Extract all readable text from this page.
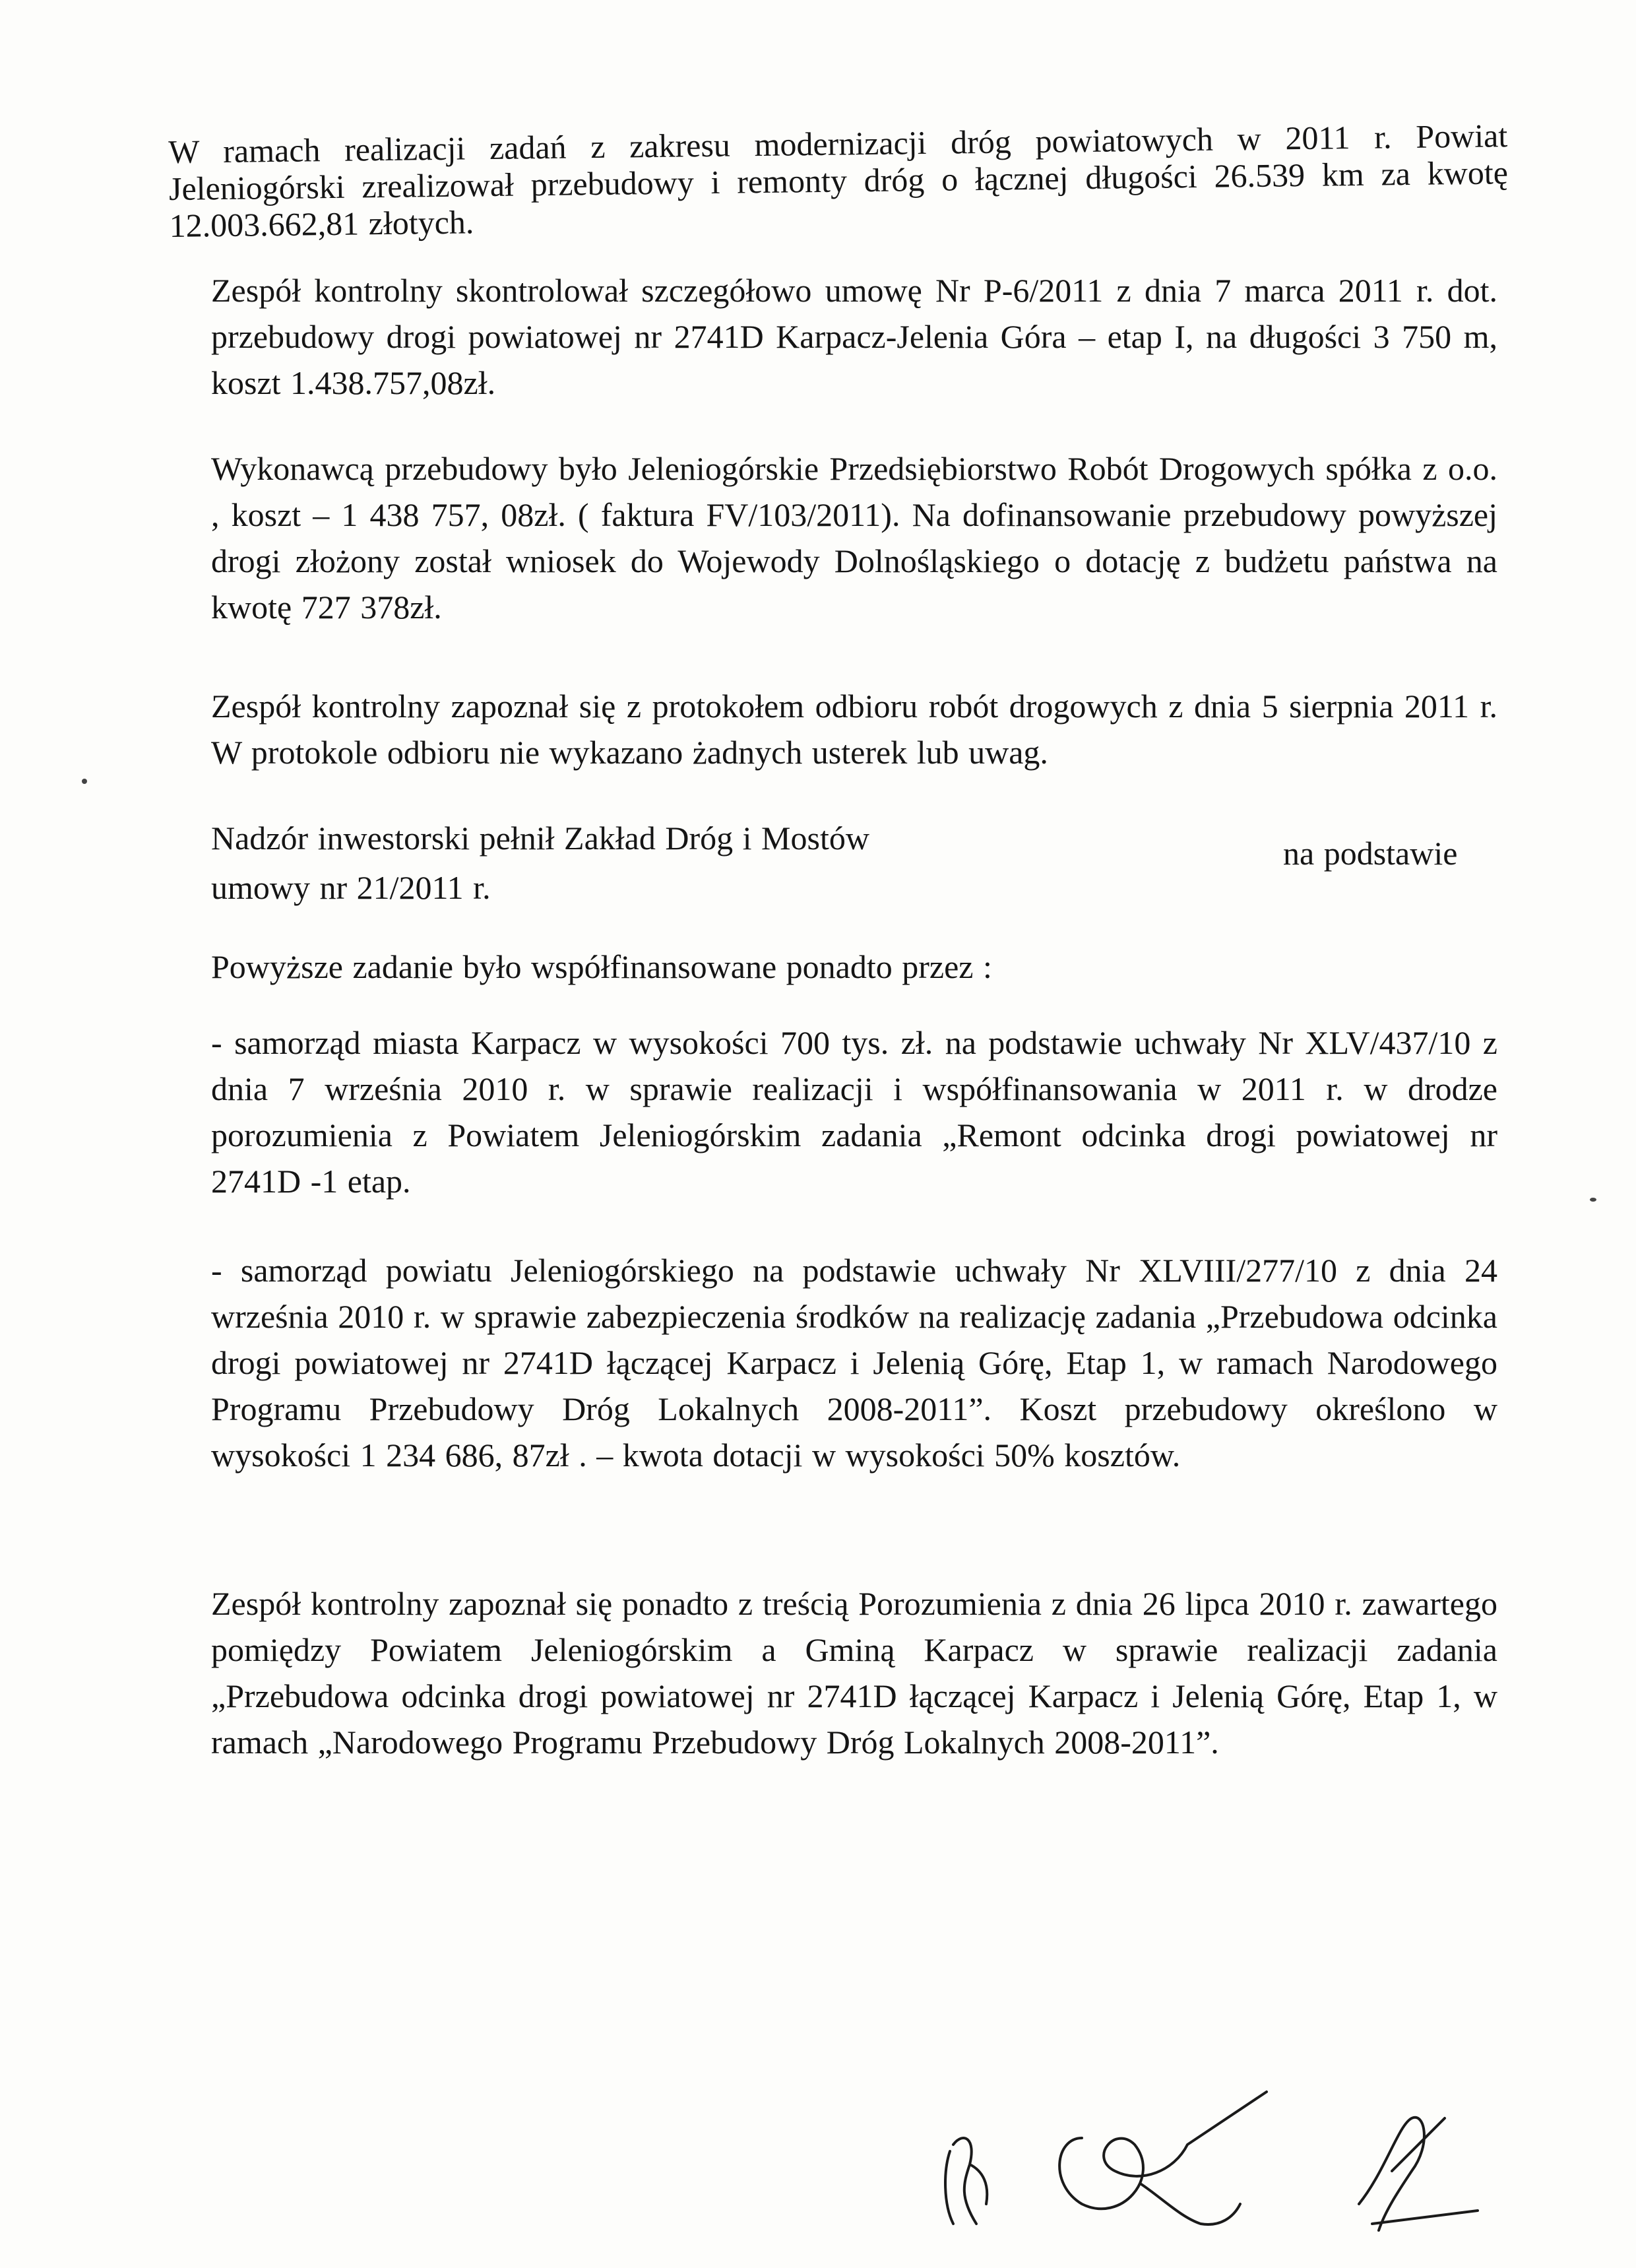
W ramach realizacji zadań z zakresu modernizacji dróg powiatowych w 2011 r. Powiat Jeleniogórski zrealizował przebudowy i remonty dróg o łącznej długości 26.539 km za kwotę 12.003.662,81 złotych.
Zespół kontrolny skontrolował szczegółowo umowę Nr P-6/2011 z dnia 7 marca 2011 r. dot. przebudowy drogi powiatowej nr 2741D Karpacz-Jelenia Góra – etap I, na długości 3 750 m, koszt 1.438.757,08zł.
Wykonawcą przebudowy było Jeleniogórskie Przedsiębiorstwo Robót Drogowych spółka z o.o. , koszt – 1 438 757, 08zł. ( faktura FV/103/2011). Na dofinansowanie przebudowy powyższej drogi złożony został wniosek do Wojewody Dolnośląskiego o dotację z budżetu państwa na kwotę 727 378zł.
Zespół kontrolny zapoznał się z protokołem odbioru robót drogowych z dnia 5 sierpnia 2011 r. W protokole odbioru nie wykazano żadnych usterek lub uwag.
Nadzór inwestorski pełnił Zakład Dróg i Mostów	na podstawie
umowy nr 21/2011 r.
Powyższe zadanie było współfinansowane ponadto przez :
- samorząd miasta Karpacz w wysokości 700 tys. zł. na podstawie uchwały Nr XLV/437/10 z dnia 7 września 2010 r. w sprawie realizacji i współfinansowania w 2011 r. w drodze porozumienia z Powiatem Jeleniogórskim zadania „Remont odcinka drogi powiatowej nr 2741D -1 etap.
- samorząd powiatu Jeleniogórskiego na podstawie uchwały Nr XLVIII/277/10 z dnia 24 września 2010 r. w sprawie zabezpieczenia środków na realizację zadania „Przebudowa odcinka drogi powiatowej nr 2741D łączącej Karpacz i Jelenią Górę, Etap 1, w ramach Narodowego Programu Przebudowy Dróg Lokalnych 2008-2011”. Koszt przebudowy określono w wysokości 1 234 686, 87zł . – kwota dotacji w wysokości 50% kosztów.
Zespół kontrolny zapoznał się ponadto z treścią Porozumienia z dnia 26 lipca 2010 r. zawartego pomiędzy Powiatem Jeleniogórskim a Gminą Karpacz w sprawie realizacji zadania „Przebudowa odcinka drogi powiatowej nr 2741D łączącej Karpacz i Jelenią Górę, Etap 1, w ramach „Narodowego Programu Przebudowy Dróg Lokalnych 2008-2011”.
